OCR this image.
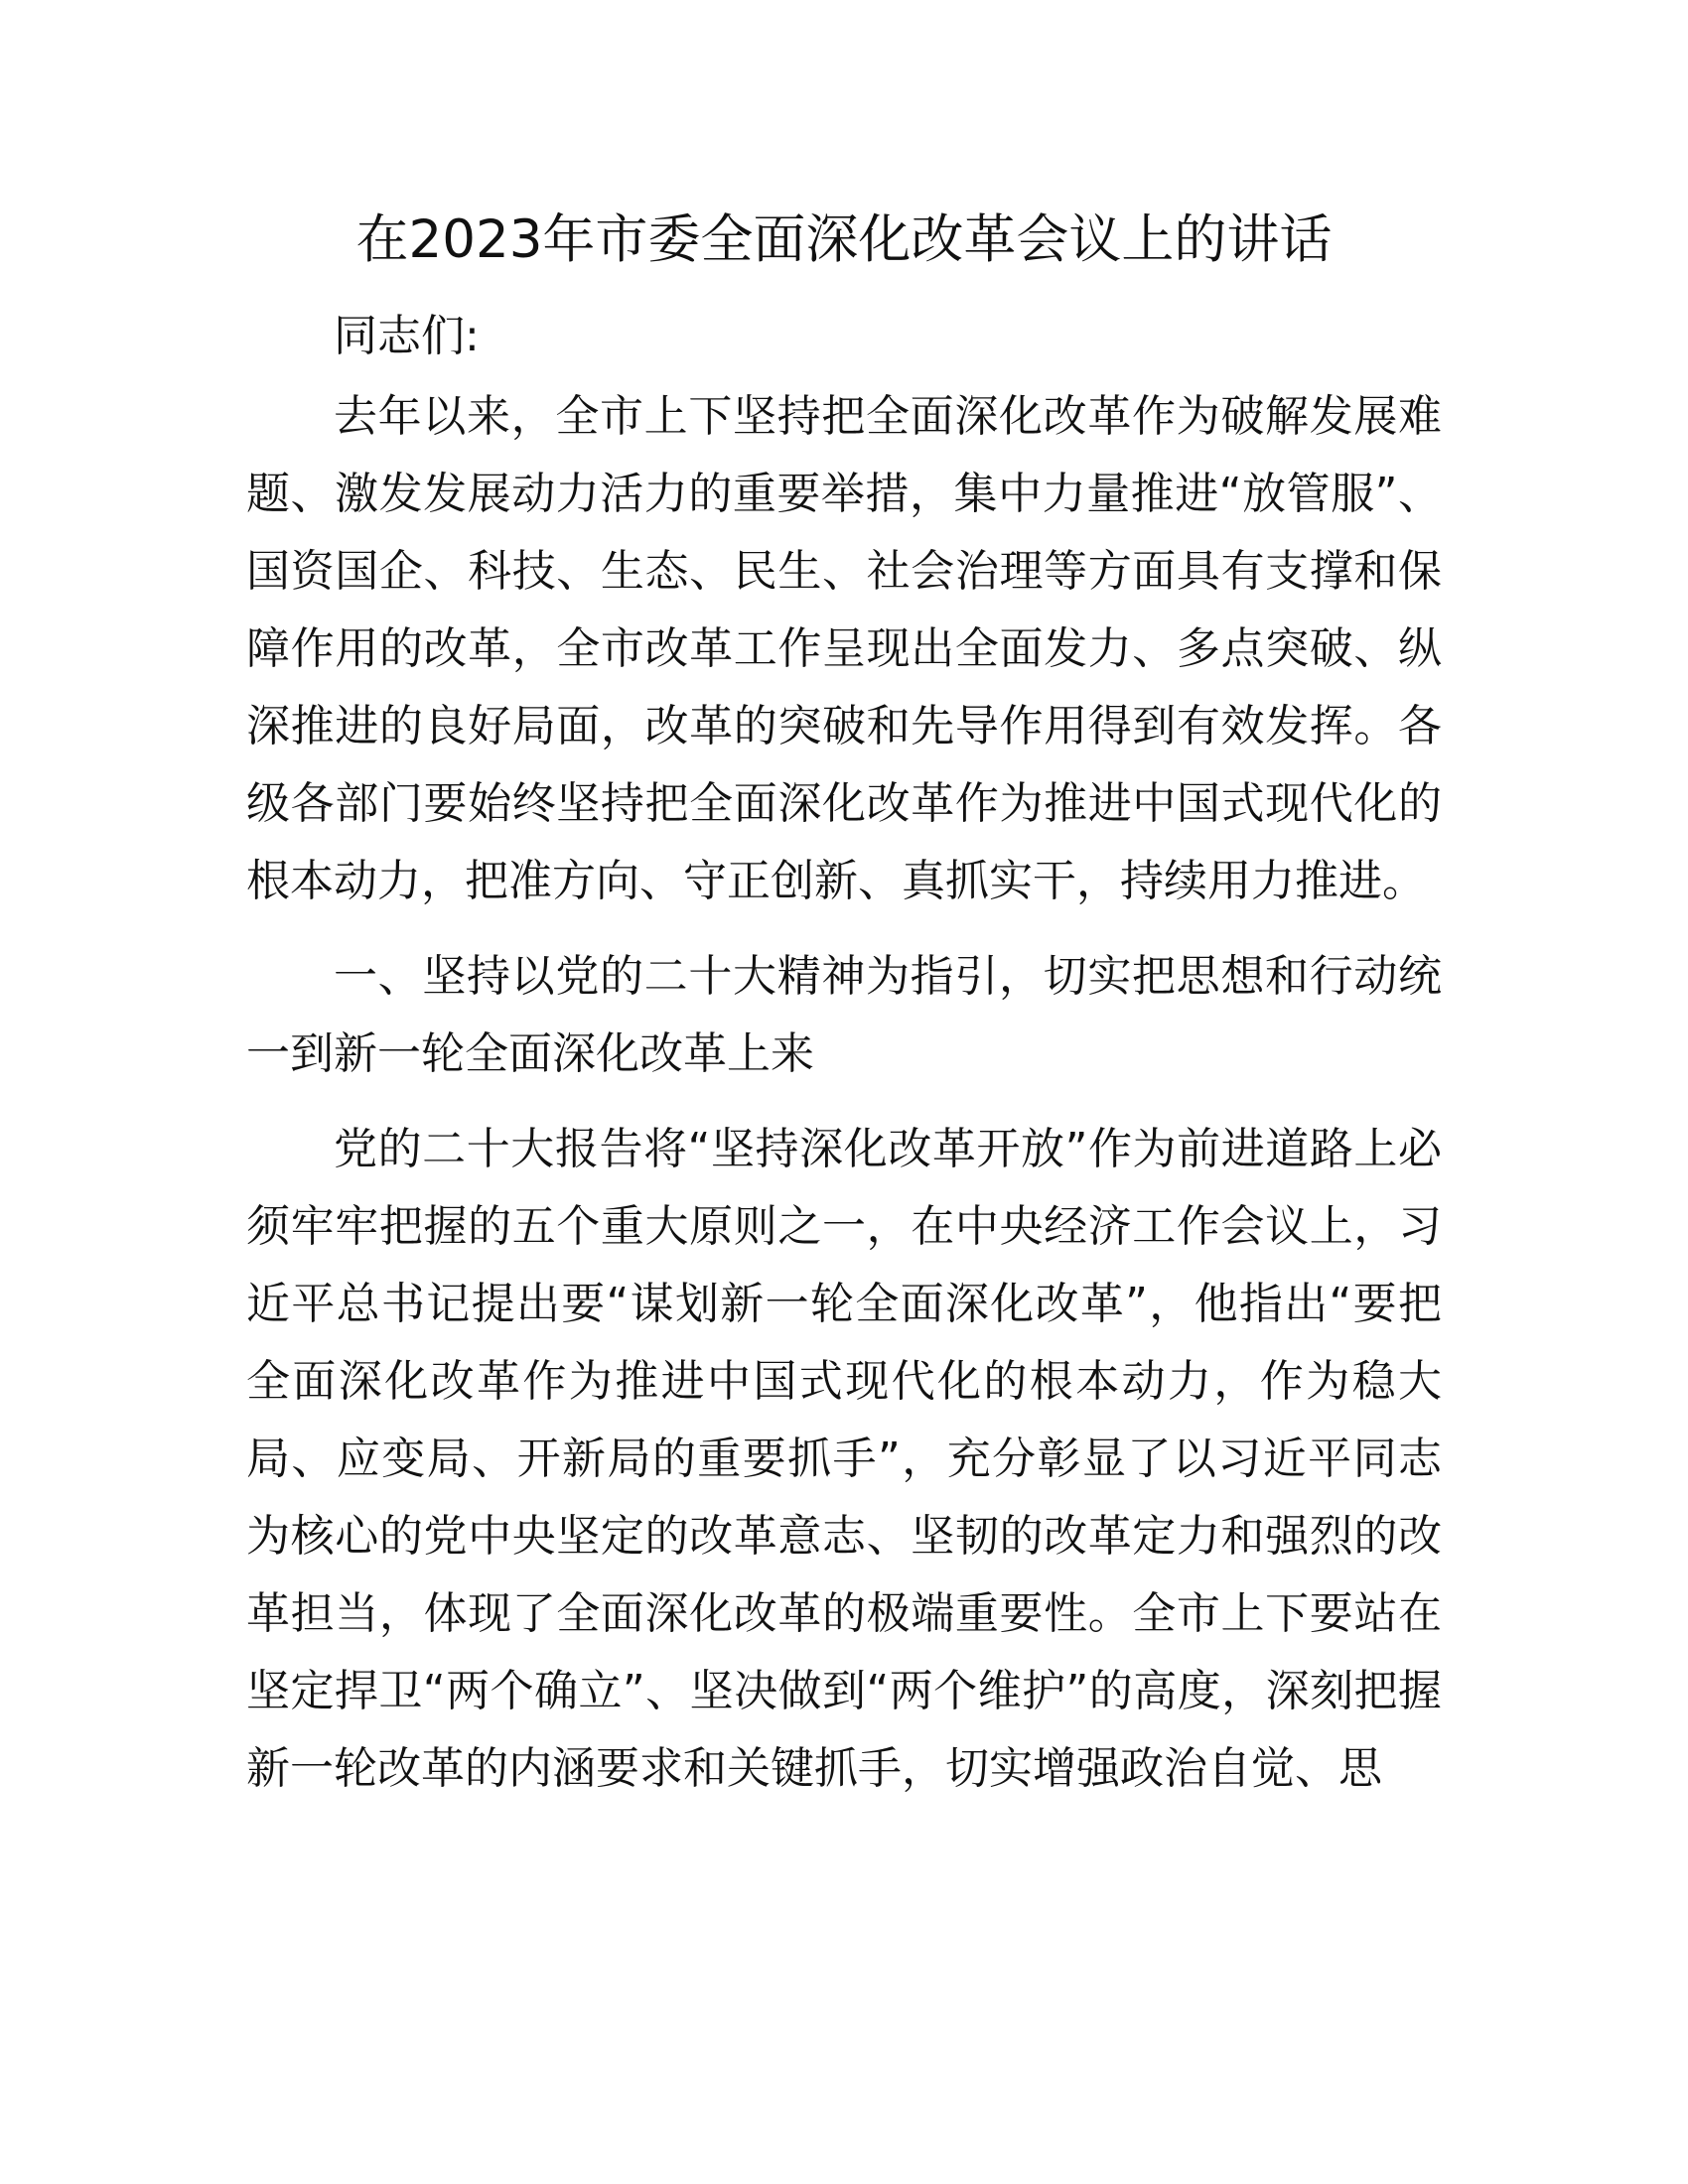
在2023年市委全面深化改革会议上的讲话

同志们:

去年以来，全市上下坚持把全面深化改革作为破解发展难题、激发发展动力活力的重要举措，集中力量推进“放管服”、国资国企、科技、生态、民生、社会治理等方面具有支撑和保障作用的改革，全市改革工作呈现出全面发力、多点突破、纵深推进的良好局面，改革的突破和先导作用得到有效发挥。各级各部门要始终坚持把全面深化改革作为推进中国式现代化的根本动力，把准方向、守正创新、真抓实干，持续用力推进。

一、坚持以党的二十大精神为指引，切实把思想和行动统一到新一轮全面深化改革上来

党的二十大报告将“坚持深化改革开放”作为前进道路上必须牢牢把握的五个重大原则之一，在中央经济工作会议上，习近平总书记提出要“谋划新一轮全面深化改革”，他指出“要把全面深化改革作为推进中国式现代化的根本动力，作为稳大局、应变局、开新局的重要抓手”，充分彰显了以习近平同志为核心的党中央坚定的改革意志、坚韧的改革定力和强烈的改革担当，体现了全面深化改革的极端重要性。全市上下要站在坚定捍卫“两个确立”、坚决做到“两个维护”的高度，深刻把握新一轮改革的内涵要求和关键抓手，切实增强政治自觉、思
